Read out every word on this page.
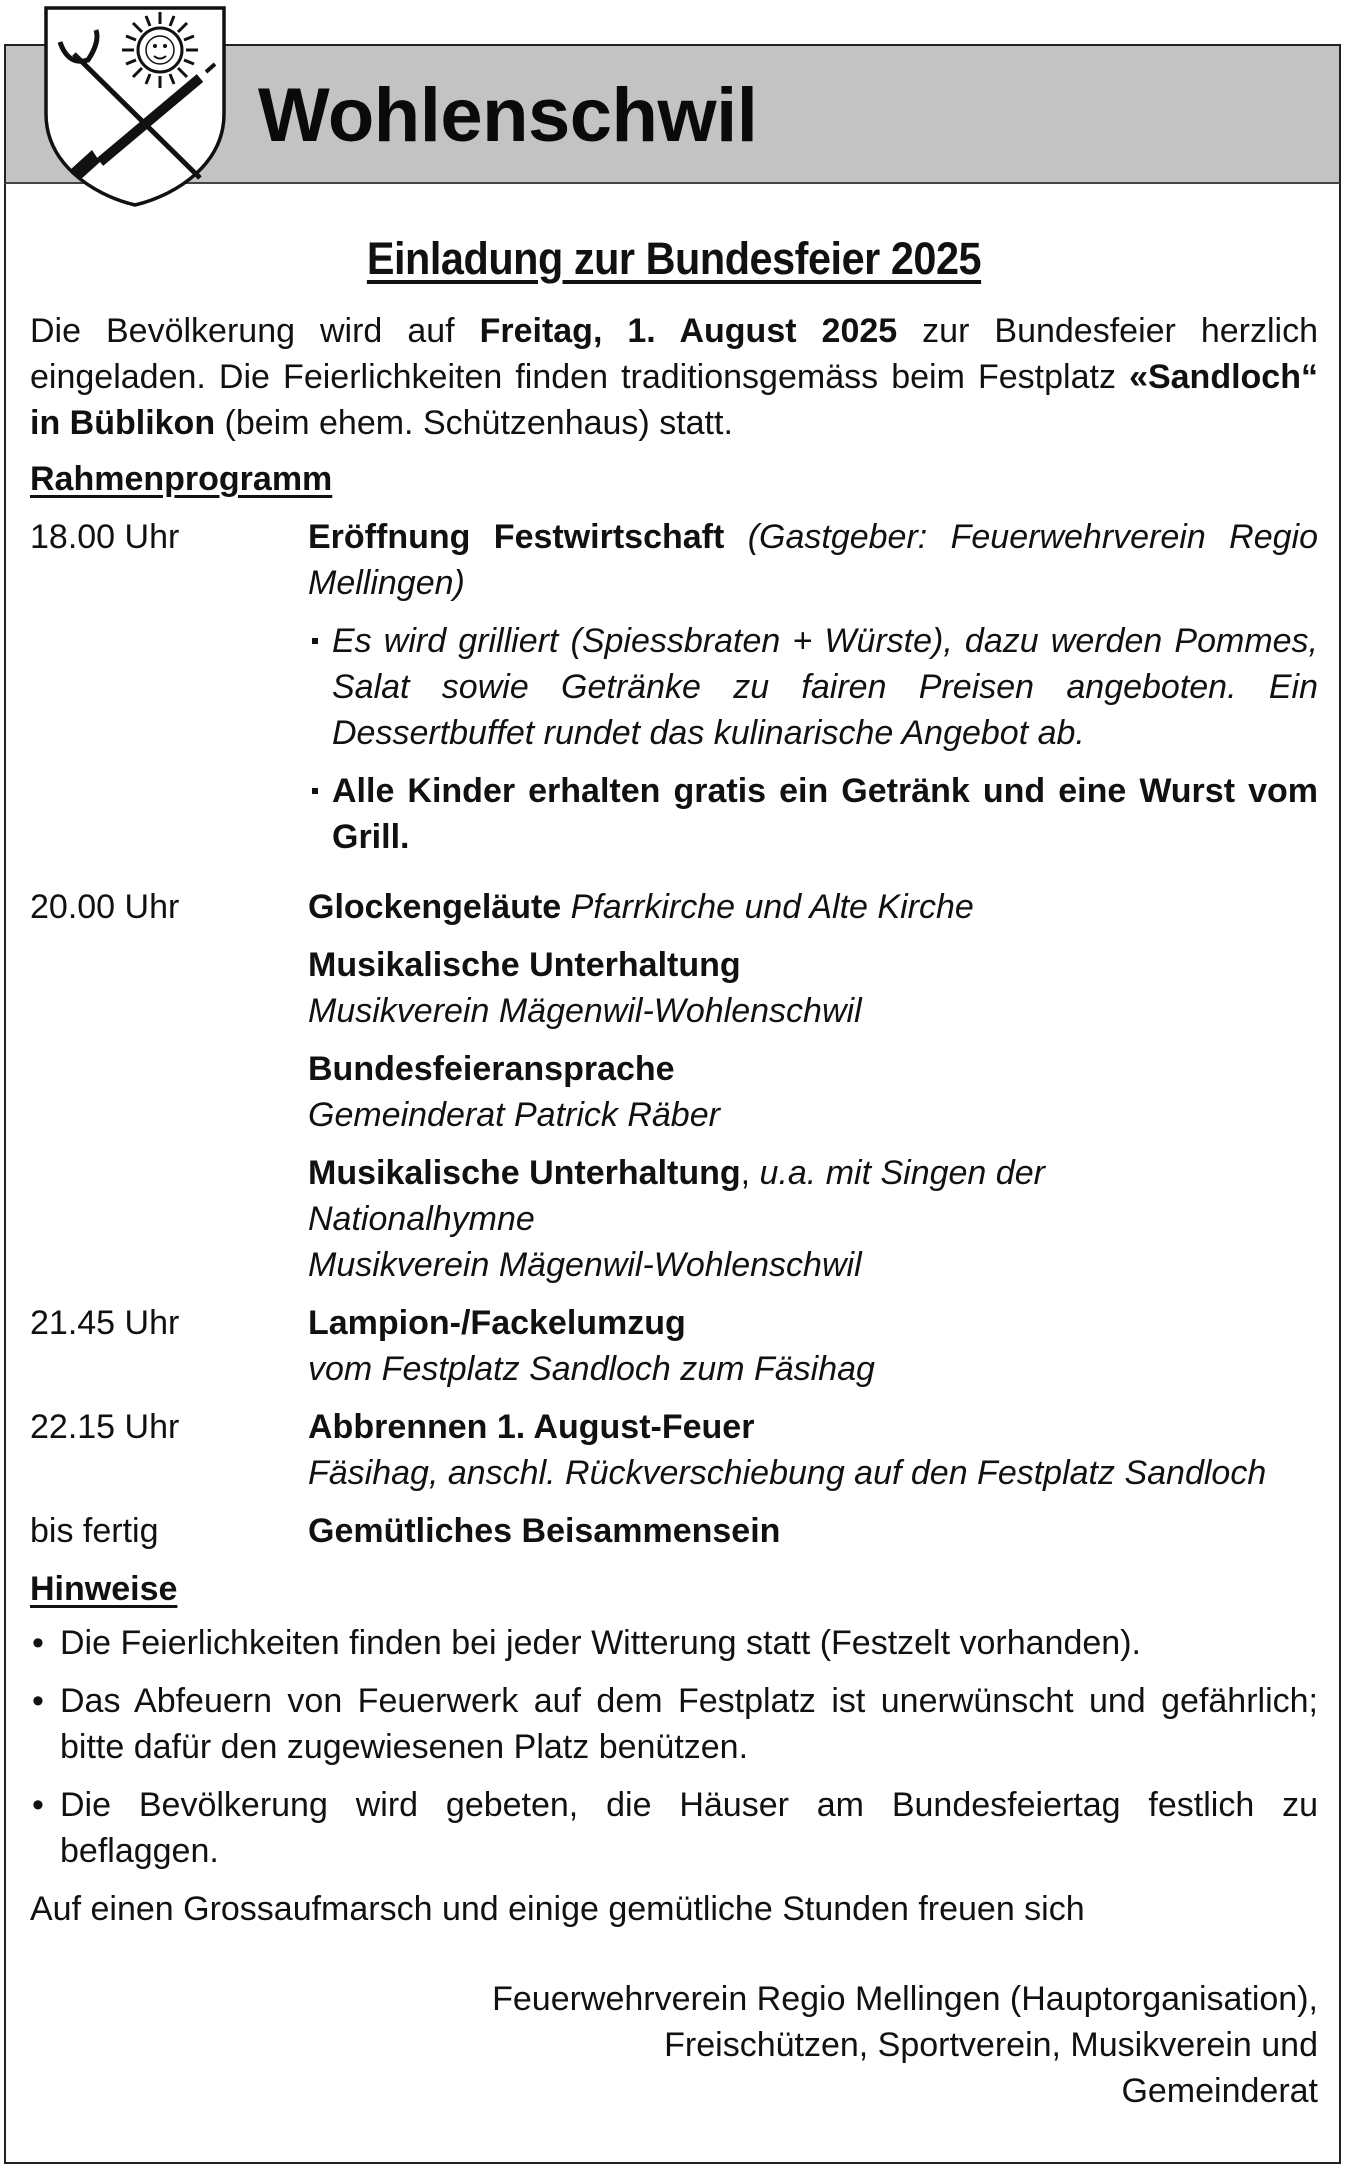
Wohlenschwil
Einladung zur Bundesfeier 2025

Die Bevölkerung wird auf Freitag, 1. August 2025 zur Bundesfeier herzlich eingeladen. Die Feierlichkeiten finden traditionsgemäss beim Festplatz «Sandloch“ in Büblikon (beim ehem. Schützenhaus) statt.

Rahmenprogramm
18.00 Uhr	Eröffnung Festwirtschaft (Gastgeber: Feuerwehrverein Regio Mellingen)

Es wird grilliert (Spiessbraten + Würste), dazu werden Pommes, Salat sowie Getränke zu fairen Preisen angeboten. Ein Dessertbuffet rundet das kulinarische Angebot ab.
Alle Kinder erhalten gratis ein Getränk und eine Wurst vom Grill.
20.00 Uhr	Glockengeläute Pfarrkirche und Alte Kirche

Musikalische Unterhaltung

Musikverein Mägenwil-Wohlenschwil

Bundesfeieransprache

Gemeinderat Patrick Räber

Musikalische Unterhaltung, u.a. mit Singen der Nationalhymne

Musikverein Mägenwil-Wohlenschwil

21.45 Uhr	Lampion-/Fackelumzug

vom Festplatz Sandloch zum Fäsihag

22.15 Uhr	Abbrennen 1. August-Feuer

Fäsihag, anschl. Rückverschiebung auf den Festplatz Sandloch

bis fertig	Gemütliches Beisammensein

Hinweise
• Die Feierlichkeiten finden bei jeder Witterung statt (Festzelt vorhanden).
• Das Abfeuern von Feuerwerk auf dem Festplatz ist unerwünscht und gefährlich; bitte dafür den zugewiesenen Platz benützen.
• Die Bevölkerung wird gebeten, die Häuser am Bundesfeiertag festlich zu beflaggen.

Auf einen Grossaufmarsch und einige gemütliche Stunden freuen sich

Feuerwehrverein Regio Mellingen (Hauptorganisation),

Freischützen, Sportverein, Musikverein und

Gemeinderat
